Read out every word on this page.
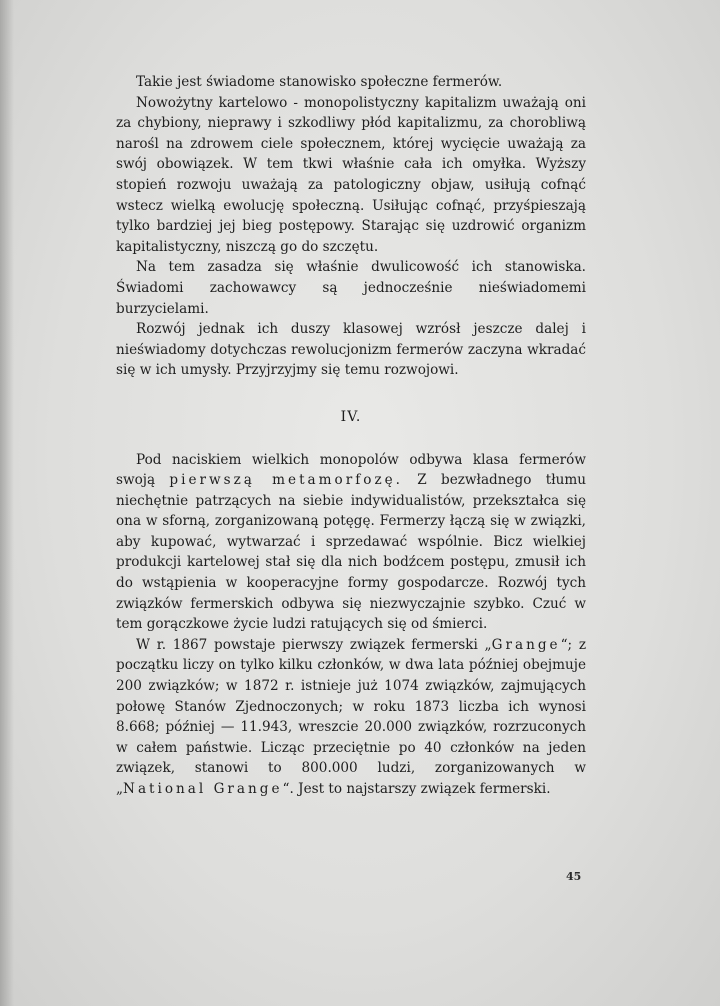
Takie jest świadome stanowisko społeczne fermerów.

Nowożytny kartelowo - monopolistyczny kapitalizm uważają oni za chybiony, nieprawy i szkodliwy płód kapitalizmu, za chorobliwą narośl na zdrowem ciele społecznem, której wycięcie uważają za swój obowiązek. W tem tkwi właśnie cała ich omyłka. Wyższy stopień rozwoju uważają za patologiczny objaw, usiłują cofnąć wstecz wielką ewolucję społeczną. Usiłując cofnąć, przyśpieszają tylko bardziej jej bieg postępowy. Starając się uzdrowić organizm kapitalistyczny, niszczą go do szczętu.

Na tem zasadza się właśnie dwulicowość ich stanowiska. Świadomi zachowawcy są jednocześnie nieświadomemi burzycielami.

Rozwój jednak ich duszy klasowej wzrósł jeszcze dalej i nieświadomy dotychczas rewolucjonizm fermerów zaczyna wkradać się w ich umysły. Przyjrzyjmy się temu rozwojowi.

IV.

Pod naciskiem wielkich monopolów odbywa klasa fermerów swoją pierwszą metamorfozę. Z bezwładnego tłumu niechętnie patrzących na siebie indywidualistów, przekształca się ona w sforną, zorganizowaną potęgę. Fermerzy łączą się w związki, aby kupować, wytwarzać i sprzedawać wspólnie. Bicz wielkiej produkcji kartelowej stał się dla nich bodźcem postępu, zmusił ich do wstąpienia w kooperacyjne formy gospodarcze. Rozwój tych związków fermerskich odbywa się niezwyczajnie szybko. Czuć w tem gorączkowe życie ludzi ratujących się od śmierci.

W r. 1867 powstaje pierwszy związek fermerski „Grange“; z początku liczy on tylko kilku członków, w dwa lata później obejmuje 200 związków; w 1872 r. istnieje już 1074 związków, zajmujących połowę Stanów Zjednoczonych; w roku 1873 liczba ich wynosi 8.668; później — 11.943, wreszcie 20.000 związków, rozrzuconych w całem państwie. Licząc przeciętnie po 40 członków na jeden związek, stanowi to 800.000 ludzi, zorganizowanych w „National Grange“. Jest to najstarszy związek fermerski.

45
